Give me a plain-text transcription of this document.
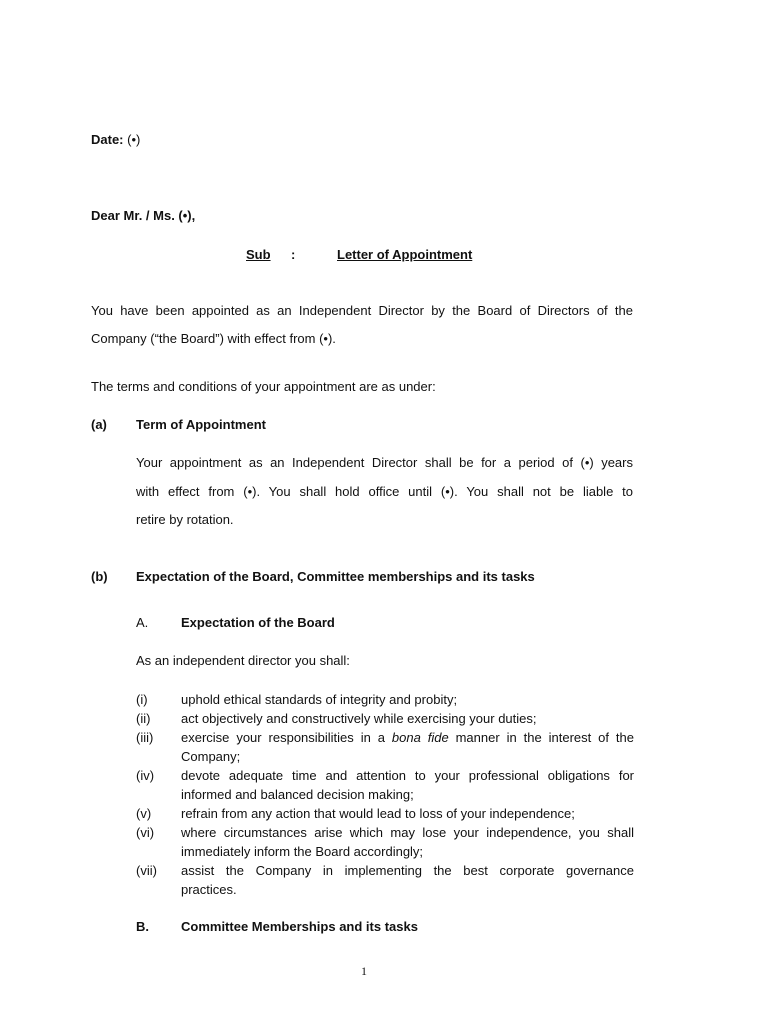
Date: (•)
Dear Mr. / Ms. (•),
Sub :	Letter of Appointment
You have been appointed as an Independent Director by the Board of Directors of the
Company (“the Board”) with effect from (•).
The terms and conditions of your appointment are as under:
(a) Term of Appointment
Your appointment as an Independent Director shall be for a period of (•) years
with effect from (•). You shall hold office until (•). You shall not be liable to
retire by rotation.
(b) Expectation of the Board, Committee memberships and its tasks
A.	Expectation of the Board
As an independent director you shall:
(i)	uphold ethical standards of integrity and probity;
(ii)	act objectively and constructively while exercising your duties;
(iii)	exercise your responsibilities in a bona fide manner in the interest of the
Company;
(iv)	devote adequate time and attention to your professional obligations for
informed and balanced decision making;
(v)	refrain from any action that would lead to loss of your independence;
(vi)	where circumstances arise which may lose your independence, you shall
immediately inform the Board accordingly;
(vii)	assist the Company in implementing the best corporate governance
practices.
B. Committee Memberships and its tasks
1
